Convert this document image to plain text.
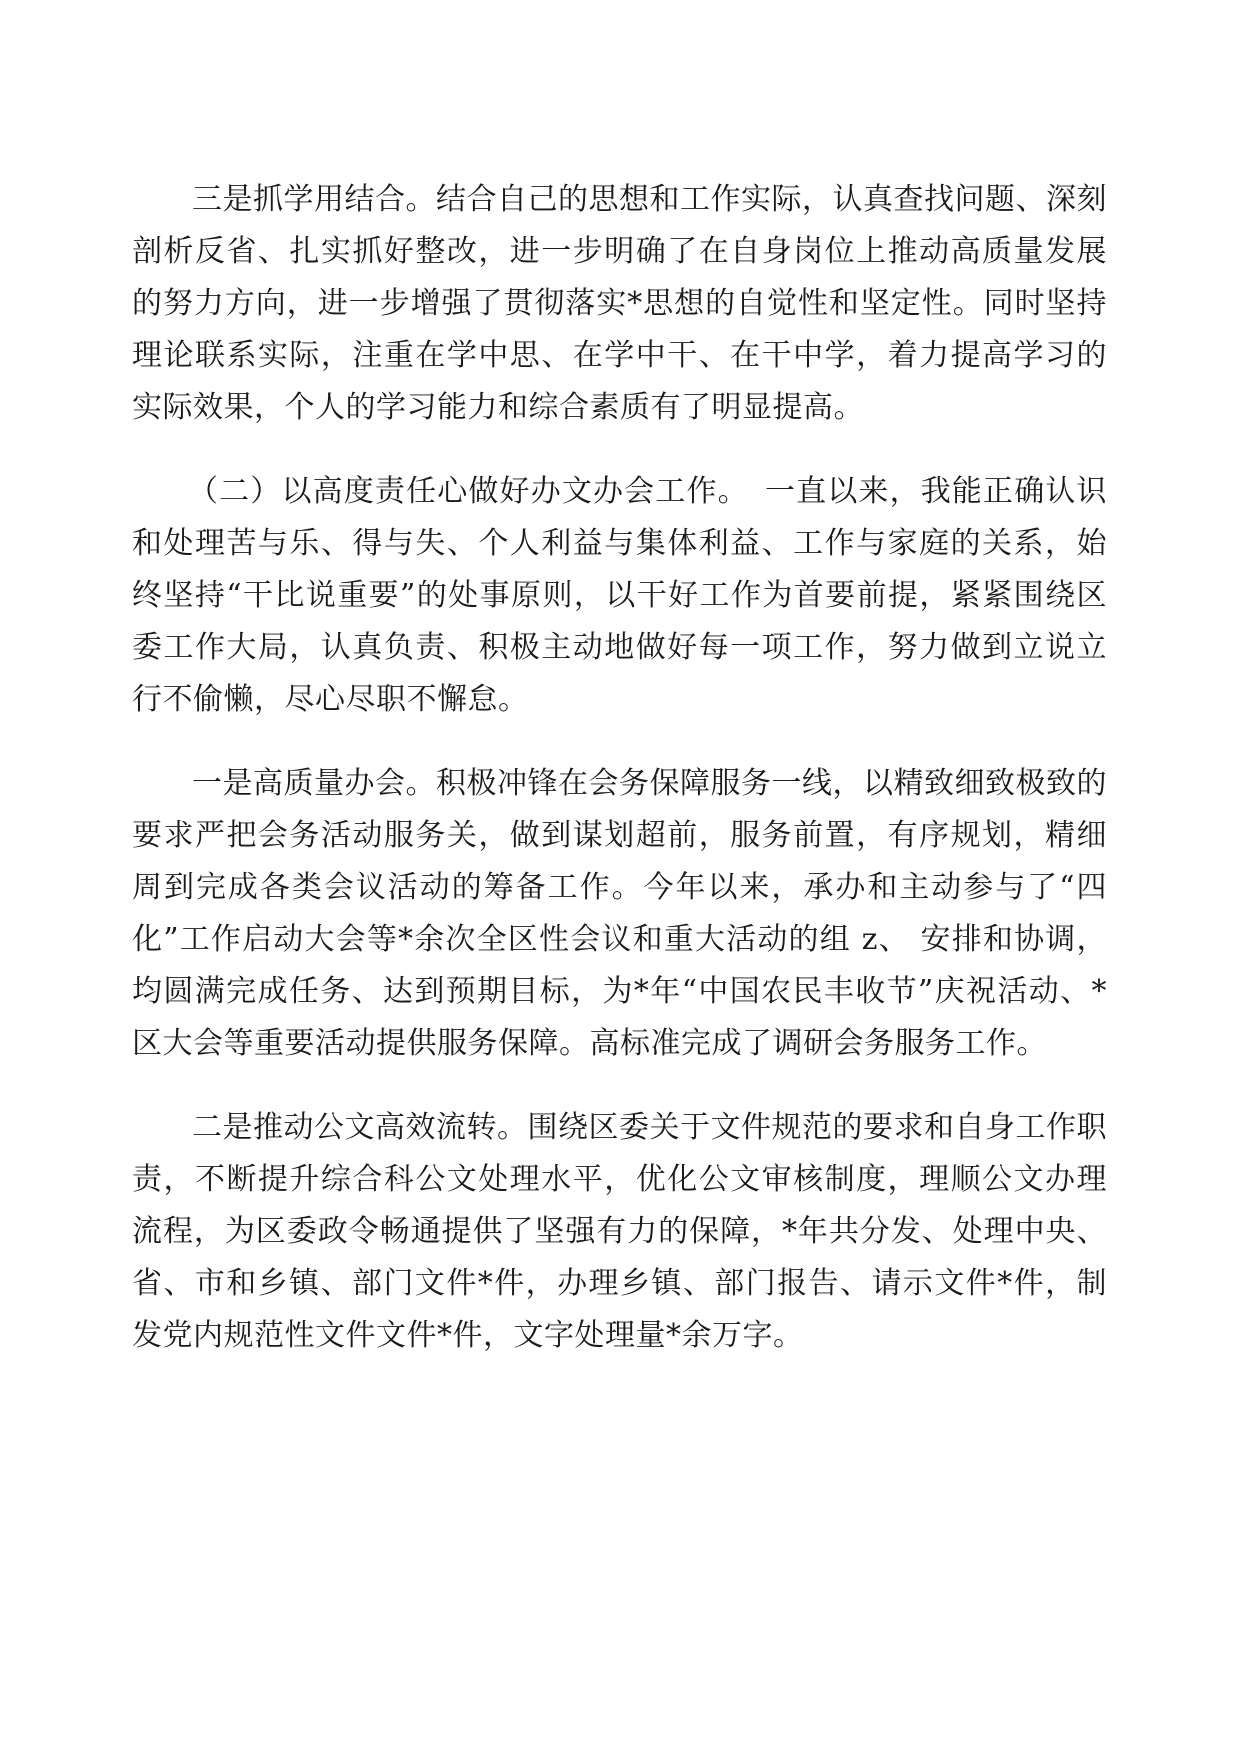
三是抓学用结合。结合自己的思想和工作实际，认真查找问题、深刻剖析反省、扎实抓好整改，进一步明确了在自身岗位上推动高质量发展的努力方向，进一步增强了贯彻落实*思想的自觉性和坚定性。同时坚持理论联系实际，注重在学中思、在学中干、在干中学，着力提高学习的实际效果，个人的学习能力和综合素质有了明显提高。

（二）以高度责任心做好办文办会工作。　一直以来，我能正确认识和处理苦与乐、得与失、个人利益与集体利益、工作与家庭的关系，始终坚持“干比说重要”的处事原则，以干好工作为首要前提，紧紧围绕区委工作大局，认真负责、积极主动地做好每一项工作，努力做到立说立行不偷懒，尽心尽职不懈怠。

一是高质量办会。积极冲锋在会务保障服务一线，以精致细致极致的要求严把会务活动服务关，做到谋划超前，服务前置，有序规划，精细周到完成各类会议活动的筹备工作。今年以来，承办和主动参与了“四化”工作启动大会等*余次全区性会议和重大活动的组 z、 安排和协调，均圆满完成任务、达到预期目标，为*年“中国农民丰收节”庆祝活动、*区大会等重要活动提供服务保障。高标准完成了调研会务服务工作。

二是推动公文高效流转。围绕区委关于文件规范的要求和自身工作职责，不断提升综合科公文处理水平，优化公文审核制度，理顺公文办理流程，为区委政令畅通提供了坚强有力的保障，*年共分发、处理中央、省、市和乡镇、部门文件*件，办理乡镇、部门报告、请示文件*件，制发党内规范性文件文件*件，文字处理量*余万字。
